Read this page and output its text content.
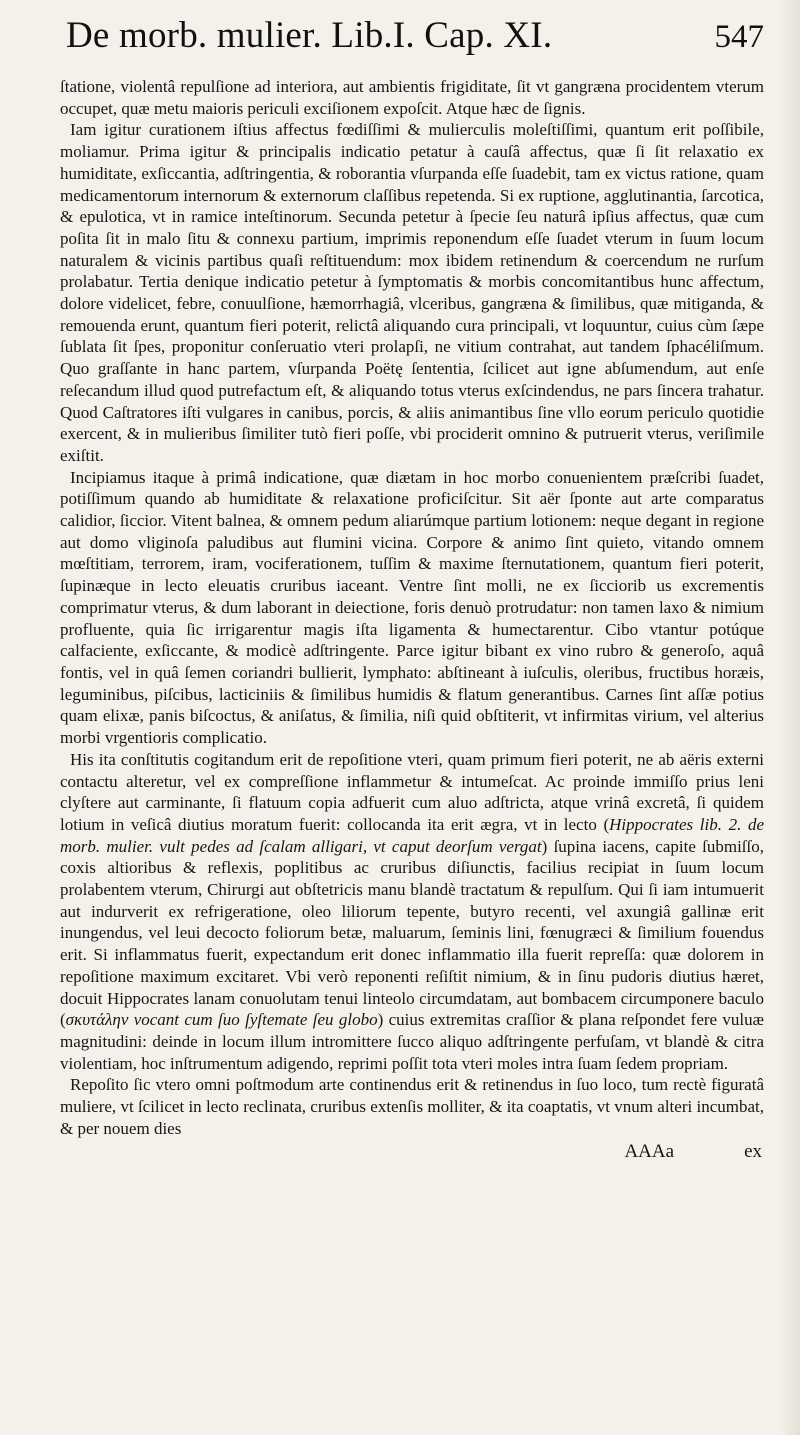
De morb. mulier. Lib.I. Cap. XI.	547

ſtatione, violentâ repulſione ad interiora, aut ambientis frigiditate, ſit vt gangræna procidentem vterum occupet, quæ metu maioris periculi exciſionem expoſcit. Atque hæc de ſignis.

Iam igitur curationem iſtius affectus fœdiſſimi & mulierculis moleſtiſſimi, quantum erit poſſibile, moliamur. Prima igitur & principalis indicatio petatur à cauſâ affectus, quæ ſi ſit relaxatio ex humiditate, exſiccantia, adſtringentia, & roborantia vſurpanda eſſe ſuadebit, tam ex victus ratione, quam medicamentorum internorum & externorum claſſibus repetenda. Si ex ruptione, agglutinantia, ſarcotica, & epulotica, vt in ramice inteſtinorum. Secunda petetur à ſpecie ſeu naturâ ipſius affectus, quæ cum poſita ſit in malo ſitu & connexu partium, imprimis reponendum eſſe ſuadet vterum in ſuum locum naturalem & vicinis partibus quaſi reſtituendum: mox ibidem retinendum & coercendum ne rurſum prolabatur. Tertia denique indicatio petetur à ſymptomatis & morbis concomitantibus hunc affectum, dolore videlicet, febre, conuulſione, hæmorrhagiâ, vlceribus, gangræna & ſimilibus, quæ mitiganda, & remouenda erunt, quantum fieri poterit, relictâ aliquando cura principali, vt loquuntur, cuius cùm ſæpe ſublata ſit ſpes, proponitur conſeruatio vteri prolapſi, ne vitium contrahat, aut tandem ſphacéliſmum. Quo graſſante in hanc partem, vſurpanda Poëtę ſententia, ſcilicet aut igne abſumendum, aut enſe reſecandum illud quod putrefactum eſt, & aliquando totus vterus exſcindendus, ne pars ſincera trahatur. Quod Caſtratores iſti vulgares in canibus, porcis, & aliis animantibus ſine vllo eorum periculo quotidie exercent, & in mulieribus ſimiliter tutò fieri poſſe, vbi prociderit omnino & putruerit vterus, veriſimile exiſtit.

Incipiamus itaque à primâ indicatione, quæ diætam in hoc morbo conuenientem præſcribi ſuadet, potiſſimum quando ab humiditate & relaxatione proficiſcitur. Sit aër ſponte aut arte comparatus calidior, ſiccior. Vitent balnea, & omnem pedum aliarúmque partium lotionem: neque degant in regione aut domo vliginoſa paludibus aut flumini vicina. Corpore & animo ſint quieto, vitando omnem mœſtitiam, terrorem, iram, vociferationem, tuſſim & maxime ſternutationem, quantum fieri poterit, ſupinæque in lecto eleuatis cruribus iaceant. Ventre ſint molli, ne ex ſicciorib us excrementis comprimatur vterus, & dum laborant in deiectione, foris denuò protrudatur: non tamen laxo & nimium profluente, quia ſic irrigarentur magis iſta ligamenta & humectarentur. Cibo vtantur potúque calfaciente, exſiccante, & modicè adſtringente. Parce igitur bibant ex vino rubro & generoſo, aquâ fontis, vel in quâ ſemen coriandri bullierit, lymphato: abſtineant à iuſculis, oleribus, fructibus horæis, leguminibus, piſcibus, lacticiniis & ſimilibus humidis & flatum generantibus. Carnes ſint aſſæ potius quam elixæ, panis biſcoctus, & aniſatus, & ſimilia, niſi quid obſtiterit, vt infirmitas virium, vel alterius morbi vrgentioris complicatio.

His ita conſtitutis cogitandum erit de repoſitione vteri, quam primum fieri poterit, ne ab aëris externi contactu alteretur, vel ex compreſſione inflammetur & intumeſcat. Ac proinde immiſſo prius leni clyſtere aut carminante, ſi flatuum copia adfuerit cum aluo adſtricta, atque vrinâ excretâ, ſi quidem lotium in veſicâ diutius moratum fuerit: collocanda ita erit ægra, vt in lecto (Hippocrates lib. 2. de morb. mulier. vult pedes ad ſcalam alligari, vt caput deorſum vergat) ſupina iacens, capite ſubmiſſo, coxis altioribus & reflexis, poplitibus ac cruribus diſiunctis, facilius recipiat in ſuum locum prolabentem vterum, Chirurgi aut obſtetricis manu blandè tractatum & repulſum. Qui ſi iam intumuerit aut indurverit ex refrigeratione, oleo liliorum tepente, butyro recenti, vel axungiâ gallinæ erit inungendus, vel leui decocto foliorum betæ, maluarum, ſeminis lini, fœnugræci & ſimilium fouendus erit. Si inflammatus fuerit, expectandum erit donec inflammatio illa fuerit repreſſa: quæ dolorem in repoſitione maximum excitaret. Vbi verò reponenti reſiſtit nimium, & in ſinu pudoris diutius hæret, docuit Hippocrates lanam conuolutam tenui linteolo circumdatam, aut bombacem circumponere baculo (σκυτάλην vocant cum ſuo ſyſtemate ſeu globo) cuius extremitas craſſior & plana reſpondet fere vuluæ magnitudini: deinde in locum illum intromittere ſucco aliquo adſtringente perfuſam, vt blandè & citra violentiam, hoc inſtrumentum adigendo, reprimi poſſit tota vteri moles intra ſuam ſedem propriam.

Repoſito ſic vtero omni poſtmodum arte continendus erit & retinendus in ſuo loco, tum rectè figuratâ muliere, vt ſcilicet in lecto reclinata, cruribus extenſis molliter, & ita coaptatis, vt vnum alteri incumbat, & per nouem dies

AAAa	ex
